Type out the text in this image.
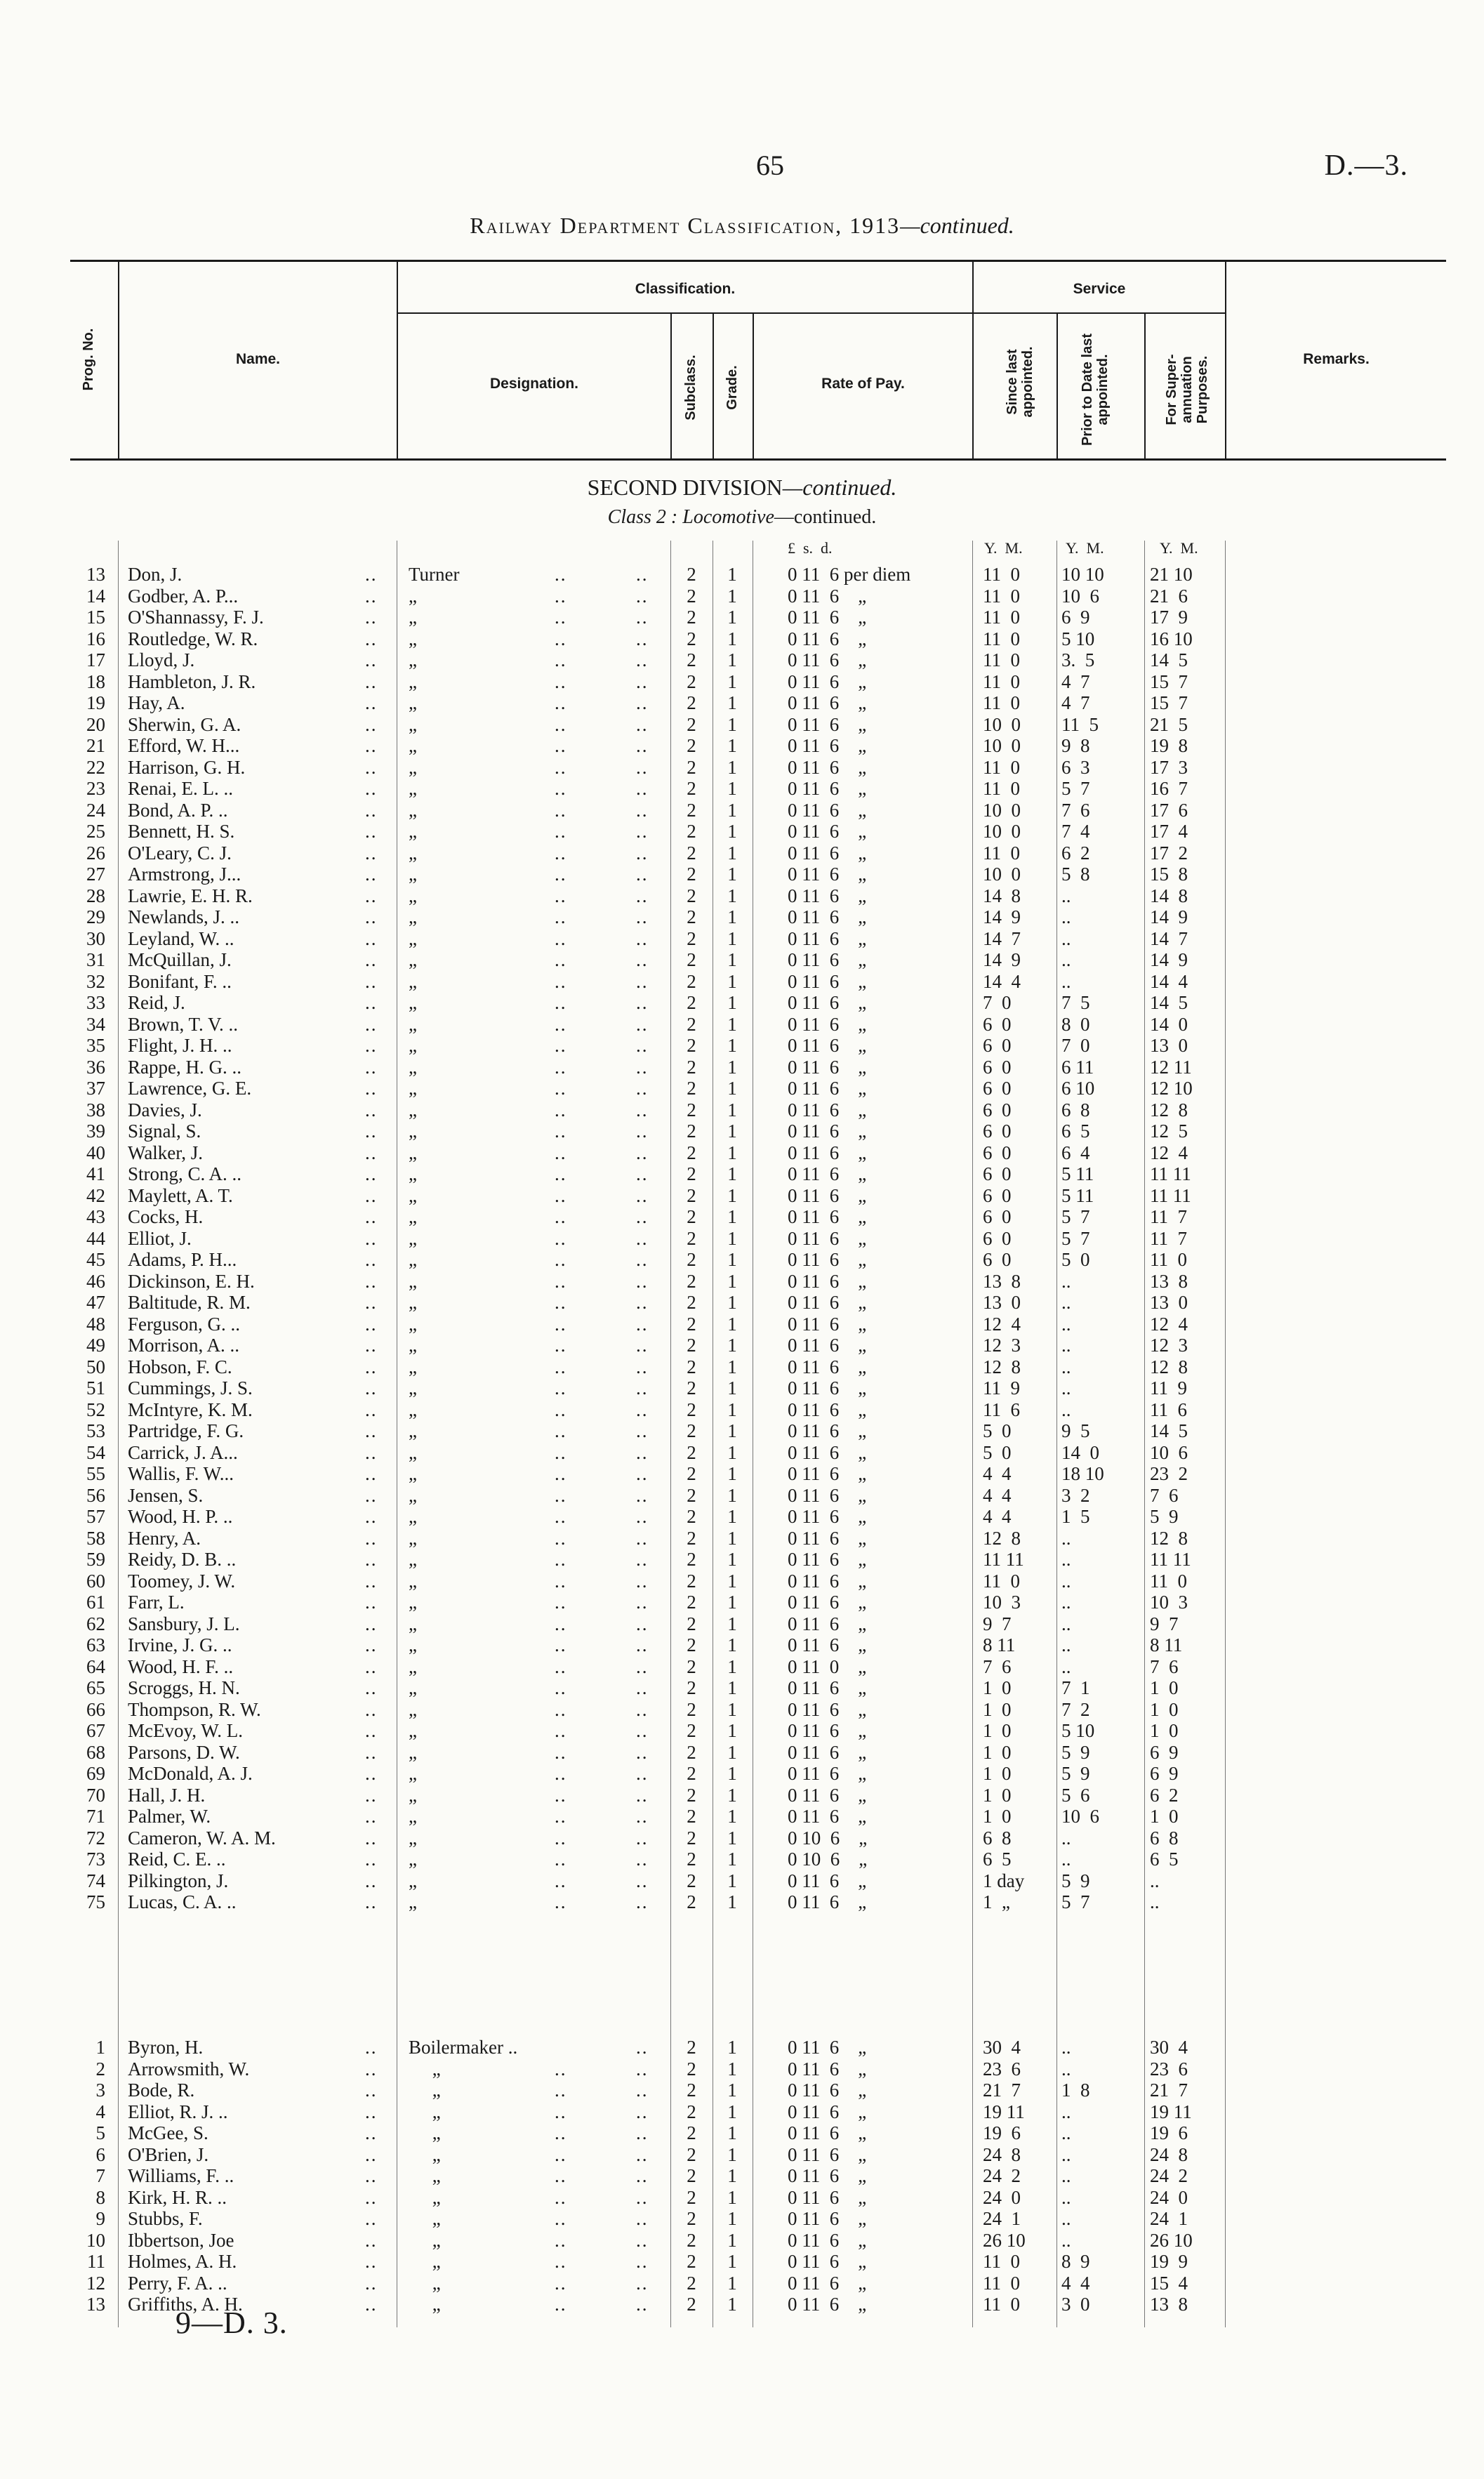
65	D.—3.
Railway Department Classification, 1913—continued.
Prog. No.	Name.
Classification.
Designation.	Subclass. Grade.	Rate of Pay.
Service
Since last appointed.	Prior to Date last appointed.	For Super-annuation Purposes.	Remarks.
SECOND DIVISION—continued.
Class 2 : Locomotive—continued.
£  s.  d.	Y.  M.	Y.  M.	Y.  M.
13 Don, J.	.. Turner	..	..	2	1	0 11  6 per diem	11  0	10 10	21 10
14 Godber, A. P...	.. „	..	..	2	1	0 11  6    „	11  0	10  6	21  6
15 O'Shannassy, F. J.	.. „	..	..	2	1	0 11  6    „	11  0	6  9	17  9
16 Routledge, W. R.	.. „	..	..	2	1	0 11  6    „	11  0	5 10	16 10
17 Lloyd, J.	.. „	..	..	2	1	0 11  6    „	11  0	3.  5	14  5
18 Hambleton, J. R.	.. „	..	..	2	1	0 11  6    „	11  0	4  7	15  7
19 Hay, A.	.. „	..	..	2	1	0 11  6    „	11  0	4  7	15  7
20 Sherwin, G. A.	.. „	..	..	2	1	0 11  6    „	10  0	11  5	21  5
21 Efford, W. H...	.. „	..	..	2	1	0 11  6    „	10  0	9  8	19  8
22 Harrison, G. H.	.. „	..	..	2	1	0 11  6    „	11  0	6  3	17  3
23 Renai, E. L. ..	.. „	..	..	2	1	0 11  6    „	11  0	5  7	16  7
24 Bond, A. P. ..	.. „	..	..	2	1	0 11  6    „	10  0	7  6	17  6
25 Bennett, H. S.	.. „	..	..	2	1	0 11  6    „	10  0	7  4	17  4
26 O'Leary, C. J.	.. „	..	..	2	1	0 11  6    „	11  0	6  2	17  2
27 Armstrong, J...	.. „	..	..	2	1	0 11  6    „	10  0	5  8	15  8
28 Lawrie, E. H. R.	.. „	..	..	2	1	0 11  6    „	14  8	..	14  8
29 Newlands, J. ..	.. „	..	..	2	1	0 11  6    „	14  9	..	14  9
30 Leyland, W. ..	.. „	..	..	2	1	0 11  6    „	14  7	..	14  7
31 McQuillan, J.	.. „	..	..	2	1	0 11  6    „	14  9	..	14  9
32 Bonifant, F. ..	.. „	..	..	2	1	0 11  6    „	14  4	..	14  4
33 Reid, J.	.. „	..	..	2	1	0 11  6    „	7  0	7  5	14  5
34 Brown, T. V. ..	.. „	..	..	2	1	0 11  6    „	6  0	8  0	14  0
35 Flight, J. H. ..	.. „	..	..	2	1	0 11  6    „	6  0	7  0	13  0
36 Rappe, H. G. ..	.. „	..	..	2	1	0 11  6    „	6  0	6 11	12 11
37 Lawrence, G. E.	.. „	..	..	2	1	0 11  6    „	6  0	6 10	12 10
38 Davies, J.	.. „	..	..	2	1	0 11  6    „	6  0	6  8	12  8
39 Signal, S.	.. „	..	..	2	1	0 11  6    „	6  0	6  5	12  5
40 Walker, J.	.. „	..	..	2	1	0 11  6    „	6  0	6  4	12  4
41 Strong, C. A. ..	.. „	..	..	2	1	0 11  6    „	6  0	5 11	11 11
42 Maylett, A. T.	.. „	..	..	2	1	0 11  6    „	6  0	5 11	11 11
43 Cocks, H.	.. „	..	..	2	1	0 11  6    „	6  0	5  7	11  7
44 Elliot, J.	.. „	..	..	2	1	0 11  6    „	6  0	5  7	11  7
45 Adams, P. H...	.. „	..	..	2	1	0 11  6    „	6  0	5  0	11  0
46 Dickinson, E. H.	.. „	..	..	2	1	0 11  6    „	13  8	..	13  8
47 Baltitude, R. M.	.. „	..	..	2	1	0 11  6    „	13  0	..	13  0
48 Ferguson, G. ..	.. „	..	..	2	1	0 11  6    „	12  4	..	12  4
49 Morrison, A. ..	.. „	..	..	2	1	0 11  6    „	12  3	..	12  3
50 Hobson, F. C.	.. „	..	..	2	1	0 11  6    „	12  8	..	12  8
51 Cummings, J. S.	.. „	..	..	2	1	0 11  6    „	11  9	..	11  9
52 McIntyre, K. M.	.. „	..	..	2	1	0 11  6    „	11  6	..	11  6
53 Partridge, F. G.	.. „	..	..	2	1	0 11  6    „	5  0	9  5	14  5
54 Carrick, J. A...	.. „	..	..	2	1	0 11  6    „	5  0	14  0	10  6
55 Wallis, F. W...	.. „	..	..	2	1	0 11  6    „	4  4	18 10	23  2
56 Jensen, S.	.. „	..	..	2	1	0 11  6    „	4  4	3  2	7  6
57 Wood, H. P. ..	.. „	..	..	2	1	0 11  6    „	4  4	1  5	5  9
58 Henry, A.	.. „	..	..	2	1	0 11  6    „	12  8	..	12  8
59 Reidy, D. B. ..	.. „	..	..	2	1	0 11  6    „	11 11	..	11 11
60 Toomey, J. W.	.. „	..	..	2	1	0 11  6    „	11  0	..	11  0
61 Farr, L.	.. „	..	..	2	1	0 11  6    „	10  3	..	10  3
62 Sansbury, J. L.	.. „	..	..	2	1	0 11  6    „	9  7	..	9  7
63 Irvine, J. G. ..	.. „	..	..	2	1	0 11  6    „	8 11	..	8 11
64 Wood, H. F. ..	.. „	..	..	2	1	0 11  0    „	7  6	..	7  6
65 Scroggs, H. N.	.. „	..	..	2	1	0 11  6    „	1  0	7  1	1  0
66 Thompson, R. W.	.. „	..	..	2	1	0 11  6    „	1  0	7  2	1  0
67 McEvoy, W. L.	.. „	..	..	2	1	0 11  6    „	1  0	5 10	1  0
68 Parsons, D. W.	.. „	..	..	2	1	0 11  6    „	1  0	5  9	6  9
69 McDonald, A. J.	.. „	..	..	2	1	0 11  6    „	1  0	5  9	6  9
70 Hall, J. H.	.. „	..	..	2	1	0 11  6    „	1  0	5  6	6  2
71 Palmer, W.	.. „	..	..	2	1	0 11  6    „	1  0	10  6	1  0
72 Cameron, W. A. M.	.. „	..	..	2	1	0 10  6    „	6  8	..	6  8
73 Reid, C. E. ..	.. „	..	..	2	1	0 10  6    „	6  5	..	6  5
74 Pilkington, J.	.. „	..	..	2	1	0 11  6    „	1 day	5  9	..
75 Lucas, C. A. ..	.. „	..	..	2	1	0 11  6    „	1  „	5  7	..
1 Byron, H.	.. Boilermaker ..	..	2	1	0 11  6    „	30  4	..	30  4
2 Arrowsmith, W.	.. „	..	..	2	1	0 11  6    „	23  6	..	23  6
3 Bode, R.	.. „	..	..	2	1	0 11  6    „	21  7	1  8	21  7
4 Elliot, R. J. ..	.. „	..	..	2	1	0 11  6    „	19 11	..	19 11
5 McGee, S.	.. „	..	..	2	1	0 11  6    „	19  6	..	19  6
6 O'Brien, J.	.. „	..	..	2	1	0 11  6    „	24  8	..	24  8
7 Williams, F. ..	.. „	..	..	2	1	0 11  6    „	24  2	..	24  2
8 Kirk, H. R. ..	.. „	..	..	2	1	0 11  6    „	24  0	..	24  0
9 Stubbs, F.	.. „	..	..	2	1	0 11  6    „	24  1	..	24  1
10 Ibbertson, Joe	.. „	..	..	2	1	0 11  6    „	26 10	..	26 10
11 Holmes, A. H.	.. „	..	..	2	1	0 11  6    „	11  0	8  9	19  9
12 Perry, F. A. ..	.. „	..	..	2	1	0 11  6    „	11  0	4  4	15  4
13 Griffiths, A. H.	.. „	..	..	2	1	0 11  6    „	11  0	3  0	13  8
9—D. 3.
